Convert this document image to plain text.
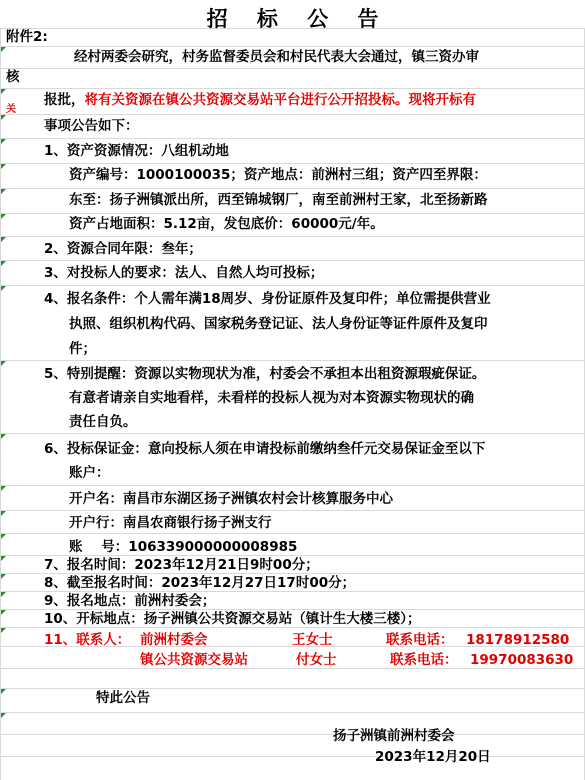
招    标    公    告
附件2:
经村两委会研究，村务监督委员会和村民代表大会通过，镇三资办审
核
报批，将有关资源在镇公共资源交易站平台进行公开招投标。现将开标有
关
事项公告如下：
1、资产资源情况：八组机动地
资产编号：1000100035；资产地点：前洲村三组；资产四至界限：
东至：扬子洲镇派出所，西至锦城钢厂，南至前洲村王家，北至扬新路
资产占地面积：5.12亩，发包底价：60000元/年。
2、资源合同年限：叁年；
3、对投标人的要求：法人、自然人均可投标；
4、报名条件：个人需年满18周岁、身份证原件及复印件；单位需提供营业
执照、组织机构代码、国家税务登记证、法人身份证等证件原件及复印
件；
5、特别提醒：资源以实物现状为准，村委会不承担本出租资源瑕疵保证。
有意者请亲自实地看样，未看样的投标人视为对本资源实物现状的确
责任自负。
6、投标保证金：意向投标人须在申请投标前缴纳叁仟元交易保证金至以下
账户：
开户名：南昌市东湖区扬子洲镇农村会计核算服务中心
开户行：南昌农商银行扬子洲支行
账    号：106339000000008985
7、报名时间：2023年12月21日9时00分；
8、截至报名时间：2023年12月27日17时00分；
9、报名地点：前洲村委会；
10、开标地点：扬子洲镇公共资源交易站（镇计生大楼三楼）；
11、联系人： 前洲村委会	王女士	联系电话： 18178912580
镇公共资源交易站	付女士	联系电话： 19970083630
特此公告
扬子洲镇前洲村委会
2023年12月20日
